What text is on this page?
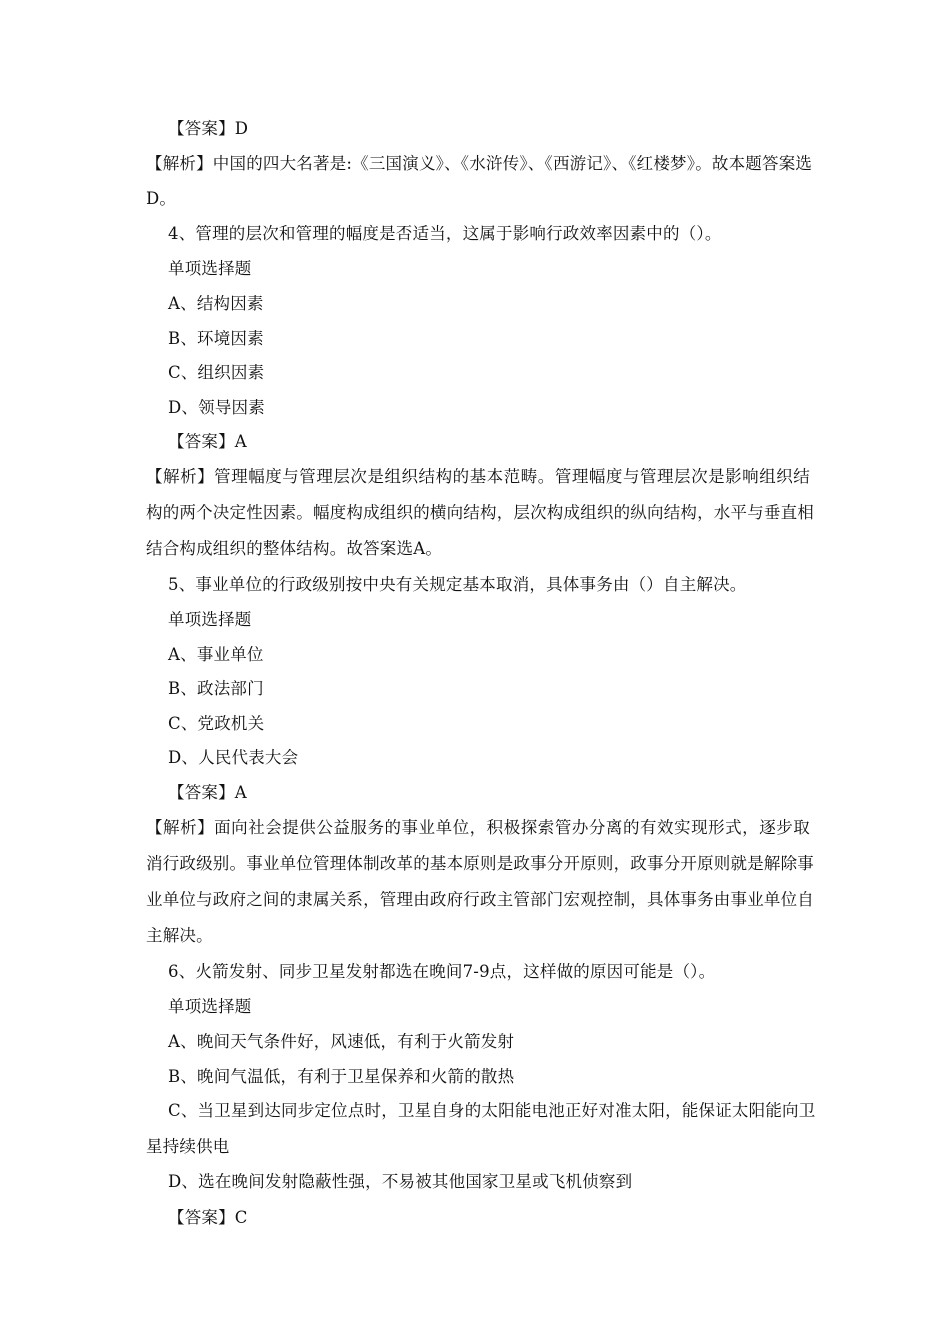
【答案】D
【解析】中国的四大名著是:《三国演义》、《水浒传》、《西游记》、《红楼梦》。故本题答案选
D。
4、管理的层次和管理的幅度是否适当，这属于影响行政效率因素中的（）。
单项选择题
A、结构因素
B、环境因素
C、组织因素
D、领导因素
【答案】A
【解析】管理幅度与管理层次是组织结构的基本范畴。管理幅度与管理层次是影响组织结
构的两个决定性因素。幅度构成组织的横向结构，层次构成组织的纵向结构，水平与垂直相
结合构成组织的整体结构。故答案选A。
5、事业单位的行政级别按中央有关规定基本取消，具体事务由（）自主解决。
单项选择题
A、事业单位
B、政法部门
C、党政机关
D、人民代表大会
【答案】A
【解析】面向社会提供公益服务的事业单位，积极探索管办分离的有效实现形式，逐步取
消行政级别。事业单位管理体制改革的基本原则是政事分开原则，政事分开原则就是解除事
业单位与政府之间的隶属关系，管理由政府行政主管部门宏观控制，具体事务由事业单位自
主解决。
6、火箭发射、同步卫星发射都选在晚间7-9点，这样做的原因可能是（）。
单项选择题
A、晚间天气条件好，风速低，有利于火箭发射
B、晚间气温低，有利于卫星保养和火箭的散热
C、当卫星到达同步定位点时，卫星自身的太阳能电池正好对准太阳，能保证太阳能向卫
星持续供电
D、选在晚间发射隐蔽性强，不易被其他国家卫星或飞机侦察到
【答案】C
